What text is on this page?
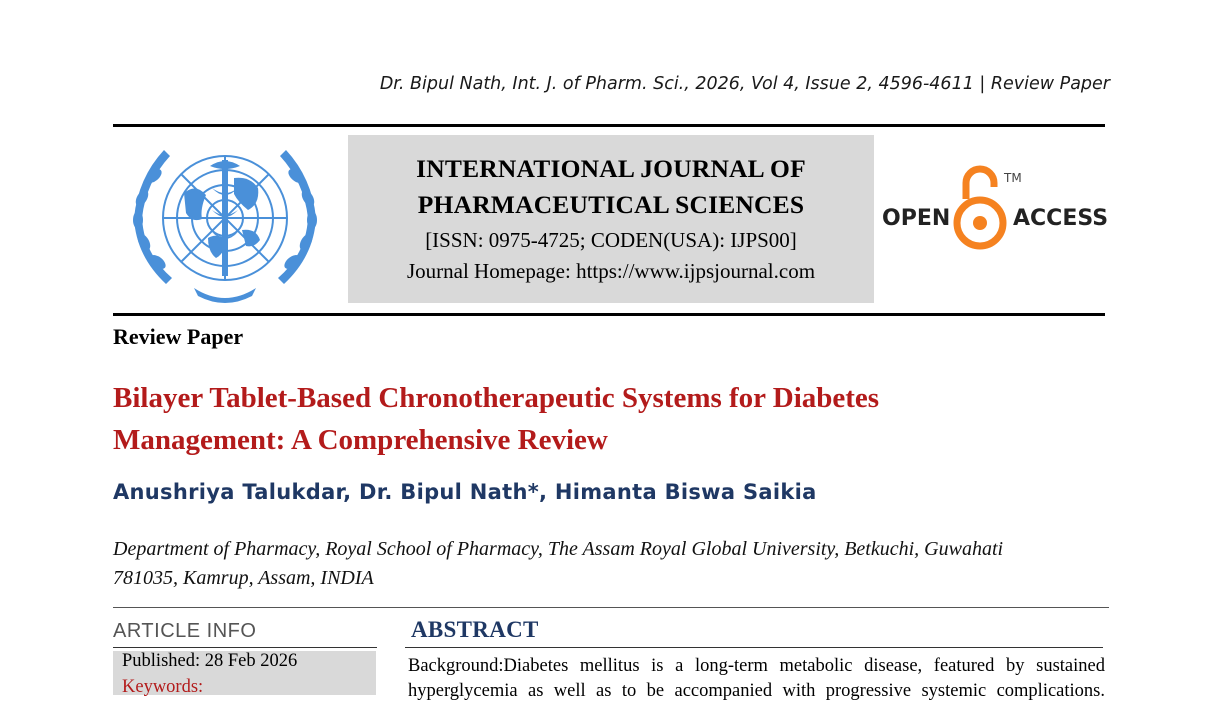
Dr. Bipul Nath, Int. J. of Pharm. Sci., 2026, Vol 4, Issue 2, 4596-4611 | Review Paper
INTERNATIONAL JOURNAL OF
PHARMACEUTICAL SCIENCES
[ISSN: 0975-4725; CODEN(USA): IJPS00]
Journal Homepage: https://www.ijpsjournal.com
OPEN	ACCESS
TM
Review Paper
Bilayer Tablet-Based Chronotherapeutic Systems for Diabetes
Management: A Comprehensive Review
Anushriya Talukdar, Dr. Bipul Nath*, Himanta Biswa Saikia
Department of Pharmacy, Royal School of Pharmacy, The Assam Royal Global University, Betkuchi, Guwahati
781035, Kamrup, Assam, INDIA
ARTICLE INFO
Published: 28 Feb 2026
Keywords:
ABSTRACT
Background:Diabetes mellitus is a long-term metabolic disease, featured by sustained
hyperglycemia as well as to be accompanied with progressive systemic complications.
